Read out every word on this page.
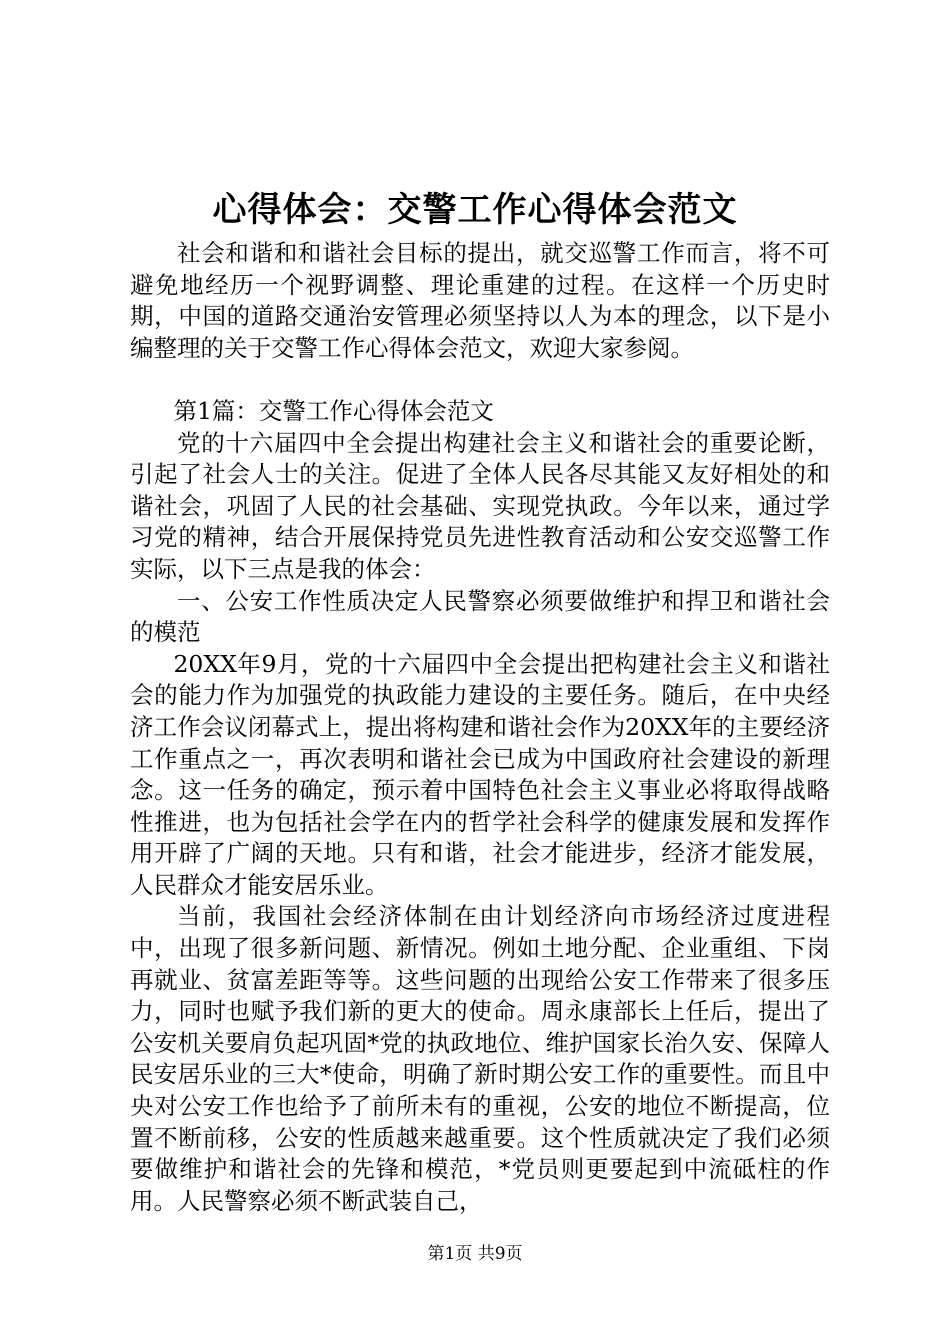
心得体会：交警工作心得体会范文

社会和谐和和谐社会目标的提出，就交巡警工作而言，将不可避免地经历一个视野调整、理论重建的过程。在这样一个历史时期，中国的道路交通治安管理必须坚持以人为本的理念，以下是小编整理的关于交警工作心得体会范文，欢迎大家参阅。

第1篇：交警工作心得体会范文

党的十六届四中全会提出构建社会主义和谐社会的重要论断，引起了社会人士的关注。促进了全体人民各尽其能又友好相处的和谐社会，巩固了人民的社会基础、实现党执政。今年以来，通过学习党的精神，结合开展保持党员先进性教育活动和公安交巡警工作实际，以下三点是我的体会：

一、公安工作性质决定人民警察必须要做维护和捍卫和谐社会的模范

20XX年9月，党的十六届四中全会提出把构建社会主义和谐社会的能力作为加强党的执政能力建设的主要任务。随后，在中央经济工作会议闭幕式上，提出将构建和谐社会作为20XX年的主要经济工作重点之一，再次表明和谐社会已成为中国政府社会建设的新理念。这一任务的确定，预示着中国特色社会主义事业必将取得战略性推进，也为包括社会学在内的哲学社会科学的健康发展和发挥作用开辟了广阔的天地。只有和谐，社会才能进步，经济才能发展，人民群众才能安居乐业。

当前，我国社会经济体制在由计划经济向市场经济过度进程中，出现了很多新问题、新情况。例如土地分配、企业重组、下岗再就业、贫富差距等等。这些问题的出现给公安工作带来了很多压力，同时也赋予我们新的更大的使命。周永康部长上任后，提出了公安机关要肩负起巩固*党的执政地位、维护国家长治久安、保障人民安居乐业的三大*使命，明确了新时期公安工作的重要性。而且中央对公安工作也给予了前所未有的重视，公安的地位不断提高，位置不断前移，公安的性质越来越重要。这个性质就决定了我们必须要做维护和谐社会的先锋和模范，*党员则更要起到中流砥柱的作用。人民警察必须不断武装自己，

第1页 共9页
